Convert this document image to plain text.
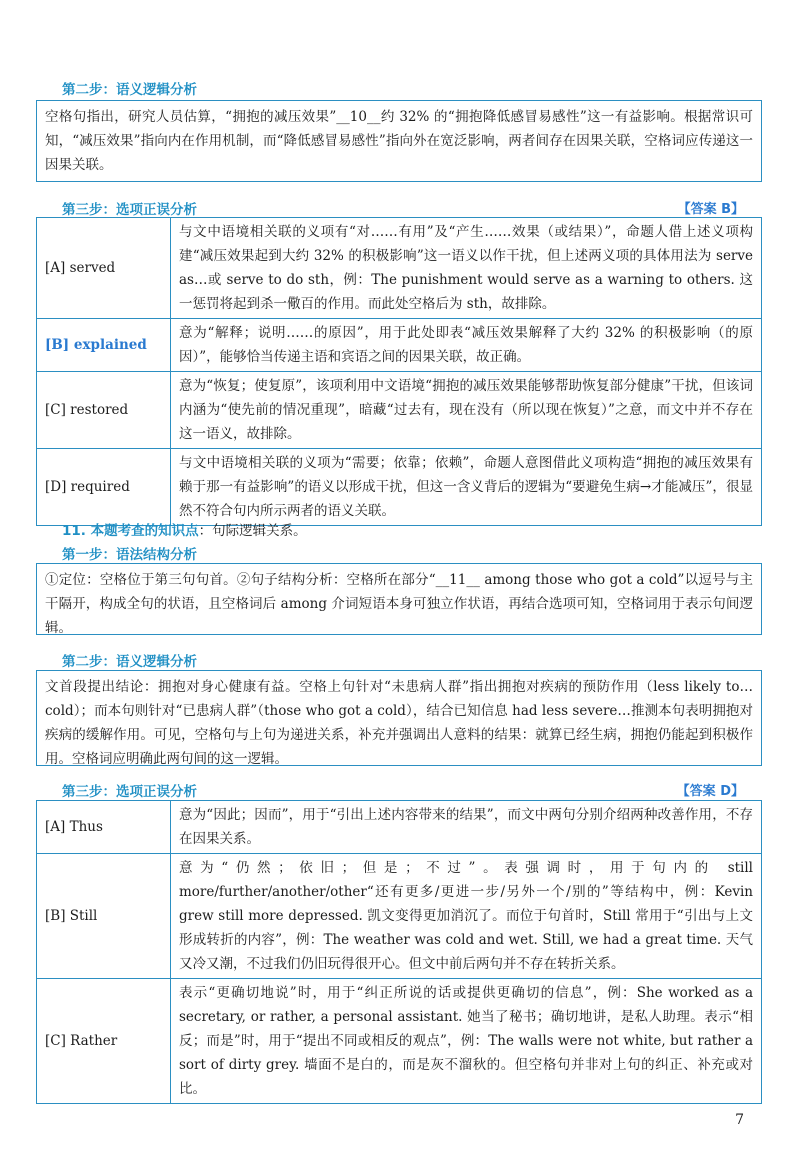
第二步：语义逻辑分析

空格句指出，研究人员估算，“拥抱的减压效果”__10__约 32% 的“拥抱降低感冒易感性”这一有益影响。根据常识可知，“减压效果”指向内在作用机制，而“降低感冒易感性”指向外在宽泛影响，两者间存在因果关联，空格词应传递这一因果关联。

第三步：选项正误分析	【答案 B】
[A] served	与文中语境相关联的义项有“对……有用”及“产生……效果（或结果）”，命题人借上述义项构建“减压效果起到大约 32% 的积极影响”这一语义以作干扰，但上述两义项的具体用法为 serve as…或 serve to do sth，例：The punishment would serve as a warning to others. 这一惩罚将起到杀一儆百的作用。而此处空格后为 sth，故排除。
[B] explained	意为“解释；说明……的原因”，用于此处即表“减压效果解释了大约 32% 的积极影响（的原因）”，能够恰当传递主语和宾语之间的因果关联，故正确。
[C] restored	意为“恢复；使复原”，该项利用中文语境“拥抱的减压效果能够帮助恢复部分健康”干扰，但该词内涵为“使先前的情况重现”，暗藏“过去有，现在没有（所以现在恢复）”之意，而文中并不存在这一语义，故排除。
[D] required	与文中语境相关联的义项为“需要；依靠；依赖”，命题人意图借此义项构造“拥抱的减压效果有赖于那一有益影响”的语义以形成干扰，但这一含义背后的逻辑为“要避免生病→才能减压”，很显然不符合句内所示两者的语义关联。
11. 本题考查的知识点：句际逻辑关系。
第一步：语法结构分析

①定位：空格位于第三句句首。②句子结构分析：空格所在部分“__11__ among those who got a cold”以逗号与主干隔开，构成全句的状语，且空格词后 among 介词短语本身可独立作状语，再结合选项可知，空格词用于表示句间逻辑。

第二步：语义逻辑分析

文首段提出结论：拥抱对身心健康有益。空格上句针对“未患病人群”指出拥抱对疾病的预防作用（less likely to…cold）；而本句则针对“已患病人群”（those who got a cold），结合已知信息 had less severe…推测本句表明拥抱对疾病的缓解作用。可见，空格句与上句为递进关系，补充并强调出人意料的结果：就算已经生病，拥抱仍能起到积极作用。空格词应明确此两句间的这一逻辑。

第三步：选项正误分析	【答案 D】
[A] Thus	意为“因此；因而”，用于“引出上述内容带来的结果”，而文中两句分别介绍两种改善作用，不存在因果关系。
[B] Still	意为“仍然；依旧；但是；不过”。表强调时，用于句内的 still more/further/another/other“还有更多/更进一步/另外一个/别的”等结构中，例：Kevin grew still more depressed. 凯文变得更加消沉了。而位于句首时，Still 常用于“引出与上文形成转折的内容”，例：The weather was cold and wet. Still, we had a great time. 天气又冷又潮，不过我们仍旧玩得很开心。但文中前后两句并不存在转折关系。
[C] Rather	表示“更确切地说”时，用于“纠正所说的话或提供更确切的信息”，例：She worked as a secretary, or rather, a personal assistant. 她当了秘书；确切地讲，是私人助理。表示“相反；而是”时，用于“提出不同或相反的观点”，例：The walls were not white, but rather a sort of dirty grey. 墙面不是白的，而是灰不溜秋的。但空格句并非对上句的纠正、补充或对比。
7
